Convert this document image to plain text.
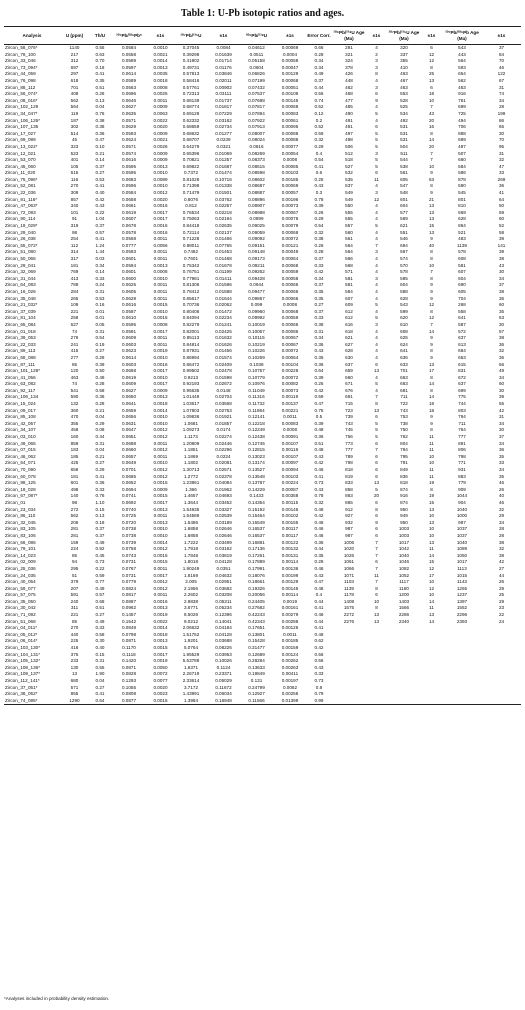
Table 1: U-Pb isotopic ratios and ages.
Analysis	U (ppm)	Th/U	²⁰⁷Pb/²⁰⁶Pb*	±1s	²⁰⁷Pb/²³⁵U	±1s	²⁰⁶Pb/²³⁸U	±1s	Error Corr.	²⁰⁶Pb/²³⁸U Age (Ma)	±1s	²⁰⁷Pb/²³⁵U Age (Ma)	±1s	²⁰⁷Pb/²⁰⁶Pb Age (Ma)	±1s
Zircon_58_076*	1140	0.55	0.0584	0.0010	0.37045	0.0084	0.04612	0.00069	0.66	291	4	320	6	543	37
Zircon_78_100	217	0.63	0.0558	0.0021	0.39298	0.01639	0.0511	0.0004	0.28	321	2	337	12	443	84
Zircon_33_046	312	0.70	0.0589	0.0014	0.41902	0.01714	0.05158	0.00058	0.34	324	3	355	12	564	70
Zircon_73_094*	697	0.18	0.0597	0.0013	0.49731	0.01176	0.0604	0.00047	0.34	378	3	410	8	593	46
Zircon_44_059	297	0.41	0.0614	0.0035	0.57813	0.03846	0.06826	0.00129	0.49	426	8	463	25	654	122
Zircon_76_098	618	0.35	0.0589	0.0018	0.58416	0.02011	0.07199	0.00068	0.37	448	4	467	13	562	67
Zircon_88_112	701	0.51	0.0563	0.0008	0.57761	0.00902	0.07432	0.00051	0.44	462	3	463	6	463	31
Zircon_56_074*	408	0.26	0.0696	0.0025	0.72313	0.03111	0.07537	0.00108	0.56	468	6	553	18	916	74
Zircon_08_016*	562	0.13	0.0646	0.0011	0.68139	0.01737	0.07688	0.00145	0.74	477	9	528	10	761	34
Zircon_102_129	564	0.04	0.0627	0.0009	0.68774	0.01817	0.07817	0.00068	0.52	485	4	525	7	699	28
Zircon_34_047*	119	0.76	0.0635	0.0063	0.69128	0.07229	0.07894	0.00083	0.12	490	5	534	43	725	199
Zircon_106_126*	187	0.38	0.0571	0.0022	0.62332	0.03162	0.07922	0.00061	0.2	491	4	492	20	494	86
Zircon_107_135	302	0.38	0.0629	0.0020	0.68659	0.02734	0.07913	0.00095	0.52	491	6	531	16	706	65
Zircon_17_027	514	0.36	0.0593	0.0009	0.68632	0.01277	0.08007	0.00088	0.59	497	5	531	8	888	30
Zircon_69_089	45	0.47	0.0624	0.0021	0.68707	0.0239	0.08024	0.00088	0.32	498	5	531	14	689	70
Zircon_13_022*	323	0.10	0.0571	0.0026	0.64279	0.0321	0.0816	0.00077	0.29	506	5	504	20	497	95
Zircon_12_021	523	0.21	0.0574	0.0009	0.65396	0.01069	0.08269	0.00054	0.4	512	3	511	7	507	31
Zircon_53_070	401	0.14	0.0616	0.0009	0.70821	0.01257	0.08373	0.0008	0.54	518	5	544	7	660	32
Zircon_45_060	105	0.37	0.0595	0.0013	0.69822	0.01687	0.08515	0.00085	0.41	527	5	538	10	584	47
Zircon_11_020	615	0.27	0.0595	0.0010	0.7372	0.01474	0.08598	0.00103	0.6	532	6	561	9	586	33
Zircon_75_096*	116	0.53	0.0683	0.0089	0.81028	0.10716	0.08602	0.00185	0.25	535	11	605	63	878	269
Zircon_52_081	270	0.41	0.0596	0.0010	0.71398	0.01338	0.08687	0.00069	0.43	537	4	547	8	590	36
Zircon_22_036	309	0.40	0.0584	0.0012	0.71479	0.01501	0.08887	0.00057	0.3	549	3	548	9	545	41
Zircon_91_116*	857	0.42	0.0658	0.0020	0.8076	0.03762	0.08896	0.00196	0.78	549	12	601	21	801	64
Zircon_47_063*	340	0.43	0.0661	0.0016	0.812	0.02257	0.08907	0.00073	0.39	550	4	604	13	810	50
Zircon_72_093	101	0.22	0.0619	0.0017	0.76534	0.02218	0.08988	0.00067	0.26	555	4	577	13	669	59
Zircon_90_114	91	1.04	0.0607	0.0017	0.75063	0.02194	0.0899	0.00076	0.29	555	4	569	13	628	60
Zircon_19_029*	319	0.37	0.0678	0.0016	0.84418	0.02635	0.09025	0.00079	0.54	557	5	621	15	864	52
Zircon_29_040	98	0.57	0.0578	0.0016	0.72114	0.02137	0.09059	0.00068	0.32	560	4	551	13	521	58
Zircon_26_038	254	0.41	0.0568	0.0011	0.71228	0.01466	0.09092	0.00072	0.38	561	4	546	9	483	39
Zircon_55_072*	112	1.24	0.0777	0.0056	0.98011	0.07765	0.09151	0.00121	0.26	564	7	694	40	1139	141
Zircon_51_080	314	1.44	0.0593	0.0011	0.7482	0.01453	0.09148	0.00049	0.28	564	3	567	8	578	39
Zircon_50_066	317	0.03	0.0601	0.0011	0.7601	0.01468	0.09173	0.00064	0.37	566	4	574	8	608	38
Zircon_29_041	181	0.34	0.0594	0.0013	0.75342	0.01678	0.09211	0.00068	0.33	568	4	570	10	581	43
Zircon_32_069	769	0.14	0.0601	0.0008	0.76751	0.01199	0.09262	0.00059	0.42	571	4	578	7	607	30
Zircon_31_044	413	0.33	0.0600	0.0010	0.77981	0.01411	0.09428	0.00058	0.34	581	3	585	8	604	34
Zircon_64_083	789	0.24	0.0625	0.0011	0.81306	0.01596	0.0944	0.00066	0.37	581	4	604	9	690	37
Zircon_16_026	284	0.31	0.0605	0.0011	0.78412	0.01588	0.09477	0.00066	0.35	584	4	588	9	605	38
Zircon_35_048	265	0.53	0.0629	0.0011	0.85617	0.01644	0.09867	0.00066	0.35	607	4	628	9	704	36
Zircon_21_032*	109	0.16	0.0616	0.0015	0.70736	0.02062	0.099	0.0008	0.27	609	5	543	12	268	60
Zircon_37_039	221	0.01	0.0587	0.0010	0.80406	0.01472	0.09960	0.00068	0.37	612	4	599	8	558	35
Zircon_81_104	258	0.01	0.0610	0.0015	0.84094	0.02234	0.09992	0.00059	0.33	612	5	620	12	641	53
Zircon_65_084	627	0.05	0.0595	0.0008	0.82279	0.01241	0.10019	0.00066	0.38	616	3	610	7	587	30
Zircon_01_018	74	0.31	0.0591	0.0017	0.82001	0.02425	0.10057	0.00086	0.31	618	4	608	14	572	57
Zircon_39_053	276	0.54	0.0609	0.0011	0.85113	0.01632	0.10115	0.00067	0.34	621	4	625	9	637	38
Zircon_22_033	241	0.19	0.0603	0.0011	0.84814	0.01626	0.10219	0.00067	0.36	627	4	624	9	613	36
Zircon_89_113	415	0.27	0.0623	0.0019	0.87931	0.01456	0.10226	0.00072	0.43	628	4	641	8	684	32
Zircon_68_088	277	0.28	0.0614	0.0010	0.86994	0.01574	0.10269	0.00064	0.35	630	4	636	9	653	36
Zircon_87_111	85	0.39	0.0603	0.0016	0.86472	0.02409	0.1038	0.00104	0.36	637	6	633	13	615	56
Zircon_101_128*	120	0.50	0.0668	0.0017	0.99502	0.02478	0.10757	0.00226	0.64	659	13	701	17	831	49
Zircon_41_056	463	0.49	0.0619	0.0010	0.9213	0.01598	0.10779	0.00072	0.39	660	4	663	8	672	34
Zircon_63_082	74	0.28	0.0609	0.0017	0.92193	0.02672	0.10976	0.00082	0.25	671	5	663	14	637	60
Zircon_92_117	541	0.58	0.0627	0.0009	0.95635	0.0148	0.11049	0.00073	0.42	676	4	681	8	699	30
Zircon_106_134	590	0.36	0.0650	0.0013	1.01449	0.02704	0.11316	0.00119	0.59	691	7	711	14	775	39
Zircon_15_024	132	0.28	0.0641	0.0018	1.03617	0.03568	0.11732	0.00137	0.47	715	8	722	18	744	55
Zircon_09_017	360	0.21	0.0659	0.0014	1.07803	0.02763	0.11864	0.00221	0.75	723	13	743	18	803	42
Zircon_85_108	470	0.04	0.0656	0.0010	1.09836	0.01921	0.12141	0.0011	0.5	739	6	753	9	794	31
Zircon_42_057	355	0.29	0.0631	0.0010	1.0681	0.01857	0.12218	0.00083	0.39	743	5	738	9	711	34
Zircon_34_107	458	0.08	0.0647	0.0012	1.09273	0.0174	0.12249	0.0008	0.48	745	5	750	8	764	30
Zircon_03_010	160	0.44	0.0651	0.0012	1.1173	0.02274	0.12438	0.00091	0.36	756	5	762	11	777	37
Zircon_49_065	859	0.31	0.0688	0.0011	1.20809	0.02446	0.12745	0.00107	0.51	773	6	804	11	891	34
Zircon_07_015	183	0.04	0.0660	0.0012	1.1851	0.02296	0.12815	0.00118	0.48	777	7	794	11	806	36
Zircon_46_062	185	0.21	0.0657	0.0011	1.1869	0.0224	0.13023	0.00107	0.43	789	6	795	10	798	35
Zircon_54_071	425	0.27	0.0649	0.0010	1.1802	0.02081	0.13174	0.00097	0.42	798	6	791	10	771	33
Zircon_70_090	658	0.29	0.0701	0.0012	1.30713	0.02571	0.13527	0.00094	0.46	818	6	849	11	931	34
Zircon_60_078	181	0.41	0.0685	0.0012	1.2772	0.02378	0.13548	0.00103	0.41	819	6	836	11	883	35
Zircon_98_125	601	0.36	0.0652	0.0015	1.23861	0.04084	0.13787	0.00224	0.73	833	13	818	19	779	46
Zircon_18_028	498	0.33	0.0694	0.0009	1.366	0.01962	0.14229	0.00087	0.43	858	5	874	8	909	26
Zircon_67_087*	140	0.76	0.0741	0.0015	1.4657	0.04693	0.1433	0.00358	0.78	863	20	916	19	1044	40
Zircon_01	98	1.10	0.0692	0.0017	1.3644	0.03452	0.14354	0.00115	0.32	865	6	874	15	904	46
Zircon_23_034	272	0.15	0.0740	0.0013	1.54935	0.03327	0.15192	0.00146	0.48	912	8	950	13	1040	32
Zircon_86_110	562	0.13	0.0725	0.0011	1.54586	0.02539	0.15464	0.00102	0.42	927	6	949	10	1000	29
Zircon_32_045	206	0.18	0.0720	0.0013	1.5486	0.03189	0.15549	0.00155	0.48	932	9	950	13	987	34
Zircon_83_105	281	0.37	0.0738	0.0010	1.6858	0.02646	0.16537	0.00117	0.46	987	6	1003	10	1037	28
Zircon_83_106	281	0.37	0.0738	0.0010	1.6858	0.02646	0.16537	0.00117	0.46	987	6	1003	10	1037	28
Zircon_66_086	159	0.49	0.0739	0.0014	1.7222	0.03499	0.16881	0.00122	0.36	1006	7	1017	13	1040	38
Zircon_79_101	224	0.92	0.0758	0.0012	1.7918	0.03162	0.17136	0.00132	0.44	1020	7	1042	11	1089	32
Zircon_14_023	85	0.45	0.0743	0.0015	1.7848	0.03819	0.17261	0.00131	0.35	1026	7	1040	14	1050	38
Zircon_02_009	94	0.73	0.0731	0.0015	1.8018	0.04128	0.17889	0.00114	0.28	1061	6	1046	15	1017	42
Zircon_25_036	295	0.22	0.0767	0.0011	1.90249	0.0351	0.17991	0.00136	0.46	1066	7	1082	12	1113	27
Zircon_24_035	51	0.59	0.0731	0.0017	1.8169	0.04632	0.18076	0.00199	0.43	1071	11	1052	17	1015	44
Zircon_40_054	379	0.77	0.0779	0.0012	2.005	0.02951	0.18661	0.00129	0.47	1103	7	1117	10	1143	26
Zircon_59_077	207	0.49	0.0824	0.0012	2.1956	0.03682	0.19326	0.00145	0.48	1139	8	1180	12	1255	29
Zircon_57_075	591	0.57	0.0817	0.0011	2.2602	0.03208	0.20056	0.00114	0.4	1178	6	1200	10	1237	25
Zircon_35_050	240	0.68	0.0887	0.0016	2.9838	0.05311	0.24405	0.0019	0.44	1408	10	1403	14	1397	29
Zircon_30_042	311	0.51	0.0962	0.0013	3.6771	0.05234	0.27682	0.00161	0.41	1575	8	1566	11	1552	23
Zircon_71_092	221	0.27	0.1457	0.0019	8.5026	0.12396	0.42243	0.00279	0.46	2272	13	2286	13	2296	22
Zircon_51_068	85	0.49	0.1542	0.0022	9.0212	0.14041	0.42343	0.00288	0.44	2276	13	2340	14	2393	24
Zircon_04_011*	270	0.33	0.0849	0.0014	2.06632	0.04184	0.17651	0.00126	0.41						
Zircon_05_012*	440	0.58	0.0798	0.0018	1.51752	0.04128	0.13801	0.0011	0.48						
Zircon_06_014*	225	0.30	0.0871	0.0013	1.9201	0.03688	0.15428	0.00185	0.62						
Zircon_103_130*	416	0.40	0.1170	0.0015	5.0764	0.08226	0.31477	0.00159	0.42						
Zircon_104_131*	375	0.15	0.1118	0.0017	1.95529	0.03953	0.12689	0.00124	0.56						
Zircon_105_132*	233	0.31	0.1420	0.0019	5.53788	0.10026	0.28284	0.00262	0.56						
Zircon_108_136*	130	0.55	0.0871	0.0050	1.6371	0.1124	0.13633	0.00263	0.43						
Zircon_109_137*	13	1.90	0.0828	0.0072	2.26719	0.23371	0.19849	0.00411	0.33						
Zircon_112_141*	680	0.04	0.1293	0.0077	2.33614	0.05029	0.131	0.00197	0.73						
Zircon_37_051*	571	0.27	0.1055	0.0020	3.7172	0.11672	0.24799	0.0062	0.8						
Zircon_38_052*	855	0.41	0.0808	0.0023	1.43991	0.06034	0.12927	0.00256	0.79						
Zircon_74_095*	1290	0.64	0.0877	0.0015	1.3984	0.16948	0.11566	0.01399	0.99						
*Analyses included in probability density estimation.
